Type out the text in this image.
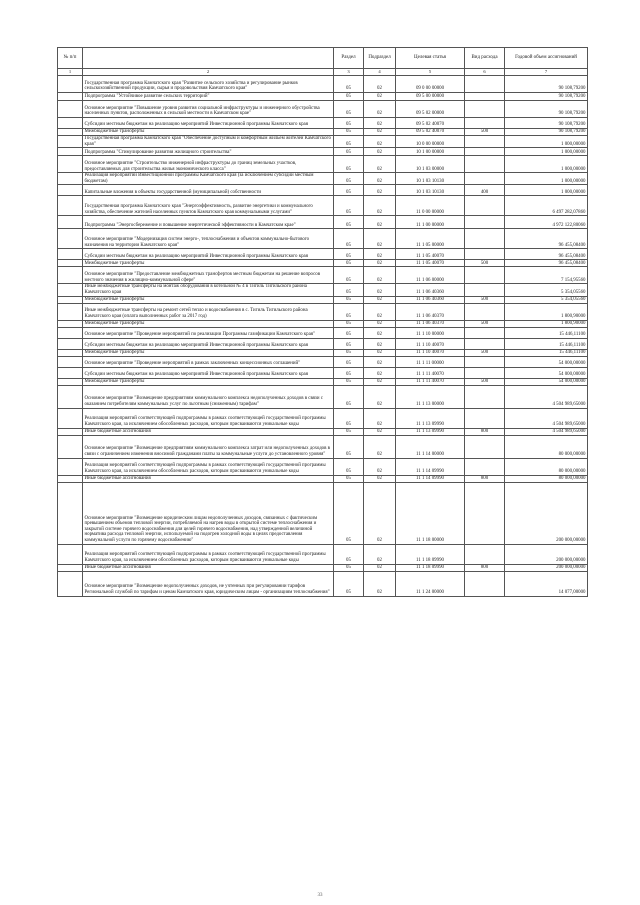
№ п/п		Раздел	Подраздел	Целевая статья	Вид расхода	Годовой объем ассигнований
1	2	3	4	5	6	7
	Государственная программа Камчатского края "Развитие сельского хозяйства и регулирование рынков сельскохозяйственной продукции, сырья и продовольствия Камчатского края"	05	02	09 0 00 00000		90 108,79200
	Подпрограмма "Устойчивое развитие сельских территорий"	05	02	09 5 00 00000		90 108,79200
	Основное мероприятие "Повышение уровня развития социальной инфраструктуры и инженерного обустройства населенных пунктов, расположенных в сельской местности в Камчатском крае"	05	02	09 5 02 00000		90 108,79200
	Субсидии местным бюджетам на реализацию мероприятий Инвестиционной программы Камчатского края	05	02	09 5 02 40070		90 108,79200
	Межбюджетные трансферты	05	02	09 5 02 40070	500	90 108,79200
	Государственная программа Камчатского края "Обеспечение доступным и комфортным жильем жителей Камчатского края"	05	02	10 0 00 00000		1 000,00000
	Подпрограмма "Стимулирование развития жилищного строительства"	05	02	10 1 00 00000		1 000,00000
	Основное мероприятие "Строительство инженерной инфраструктуры до границ земельных участков, предоставляемых для строительства жилья экономического класса"	05	02	10 1 03 00000		1 000,00000
	Реализация мероприятий Инвестиционной программы Камчатского края (за исключением субсидий местным бюджетам)	05	02	10 1 03 10130		1 000,00000
	Капитальные вложения в объекты государственной (муниципальной) собственности	05	02	10 1 03 10130	400	1 000,00000
	Государственная программа Камчатского края "Энергоэффективность, развитие энергетики и коммунального хозяйства, обеспечение жителей населенных пунктов Камчатского края коммунальными услугами"	05	02	11 0 00 00000		6 497 282,07860
	Подпрограмма "Энергосбережение и повышение энергетической эффективности в Камчатском крае"	05	02	11 1 00 00000		4 972 122,80060
	Основное мероприятие "Модернизация систем энерго-, теплоснабжения и объектов коммунально-бытового назначения на территории Камчатского края"	05	02	11 1 05 00000		96 455,08400
	Субсидии местным бюджетам на реализацию мероприятий Инвестиционной программы Камчатского края	05	02	11 1 05 40070		96 455,08400
	Межбюджетные трансферты	05	02	11 1 05 40070	500	96 455,08400
	Основное мероприятие "Предоставление межбюджетных трансфертов местным бюджетам на решение вопросов местного значения в жилищно-коммунальной сфере"	05	02	11 1 06 00000		7 154,95560
	Иные межбюджетные трансферты на монтаж оборудования в котельной № 4 в Тигиль Тигильского района Камчатского края	05	02	11 1 06 40360		5 354,05560
	Межбюджетные трансферты	05	02	11 1 06 40360	500	5 354,05560
	Иные межбюджетные трансферты на ремонт сетей тепло и водоснабжения в с. Тигиль Тигильского района Камчатского края (оплата выполненных работ за 2017 год)	05	02	11 1 06 40370		1 800,90000
	Межбюджетные трансферты	05	02	11 1 06 40370	500	1 800,90000
	Основное мероприятие "Проведение мероприятий по реализации Программы газификации Камчатского края"	05	02	11 1 10 00000		15 446,11100
	Субсидии местным бюджетам на реализацию мероприятий Инвестиционной программы Камчатского края	05	02	11 1 10 40070		15 446,11100
	Межбюджетные трансферты	05	02	11 1 10 40070	500	15 446,11100
	Основное мероприятие "Проведение мероприятий в рамках заключенных концессионных соглашений"	05	02	11 1 11 00000		54 000,00000
	Субсидии местным бюджетам на реализацию мероприятий Инвестиционной программы Камчатского края	05	02	11 1 11 40070		54 000,00000
	Межбюджетные трансферты	05	02	11 1 11 40070	500	54 000,00000
	Основное мероприятие "Возмещение предприятиям коммунального комплекса недополученных доходов в связи с оказанием потребителям коммунальных услуг по льготным (сниженным) тарифам"	05	02	11 1 13 00000		4 504 989,65000
	Реализация мероприятий соответствующей подпрограммы в рамках соответствующей государственной программы Камчатского края, за исключением обособленных расходов, которым присваиваются уникальные коды	05	02	11 1 13 09990		4 504 989,65000
	Иные бюджетные ассигнования	05	02	11 1 13 09990	800	4 504 989,65000
	Основное мероприятие "Возмещение предприятиям коммунального комплекса затрат или недополученных доходов в связи с ограничением изменения вносимой гражданами платы за коммунальные услуги до установленного уровня"	05	02	11 1 14 00000		80 000,00000
	Реализация мероприятий соответствующей подпрограммы в рамках соответствующей государственной программы Камчатского края, за исключением обособленных расходов, которым присваиваются уникальные коды	05	02	11 1 14 09990		80 000,00000
	Иные бюджетные ассигнования	05	02	11 1 14 09990	800	80 000,00000
	Основное мероприятие "Возмещение юридическим лицам недополученных доходов, связанных с фактическим превышением объемов тепловой энергии, потребляемой на нагрев воды в открытой системе теплоснабжения и закрытой системе горячего водоснабжения для целей горячего водоснабжения, над утвержденной величиной норматива расхода тепловой энергии, используемой на подогрев холодной воды в целях предоставления коммунальной услуги по горячему водоснабжению"	05	02	11 1 18 00000		200 000,00000
	Реализация мероприятий соответствующей подпрограммы в рамках соответствующей государственной программы Камчатского края, за исключением обособленных расходов, которым присваиваются уникальные коды	05	02	11 1 18 09990		200 000,00000
	Иные бюджетные ассигнования	05	02	11 1 18 09990	800	200 000,00000
	Основное мероприятие "Возмещение недополученных доходов, не учтенных при регулировании тарифов Региональной службой по тарифам и ценам Камчатского края, юридическим лицам - организациям теплоснабжения"	05	02	11 1 24 00000		14 077,00000
33
